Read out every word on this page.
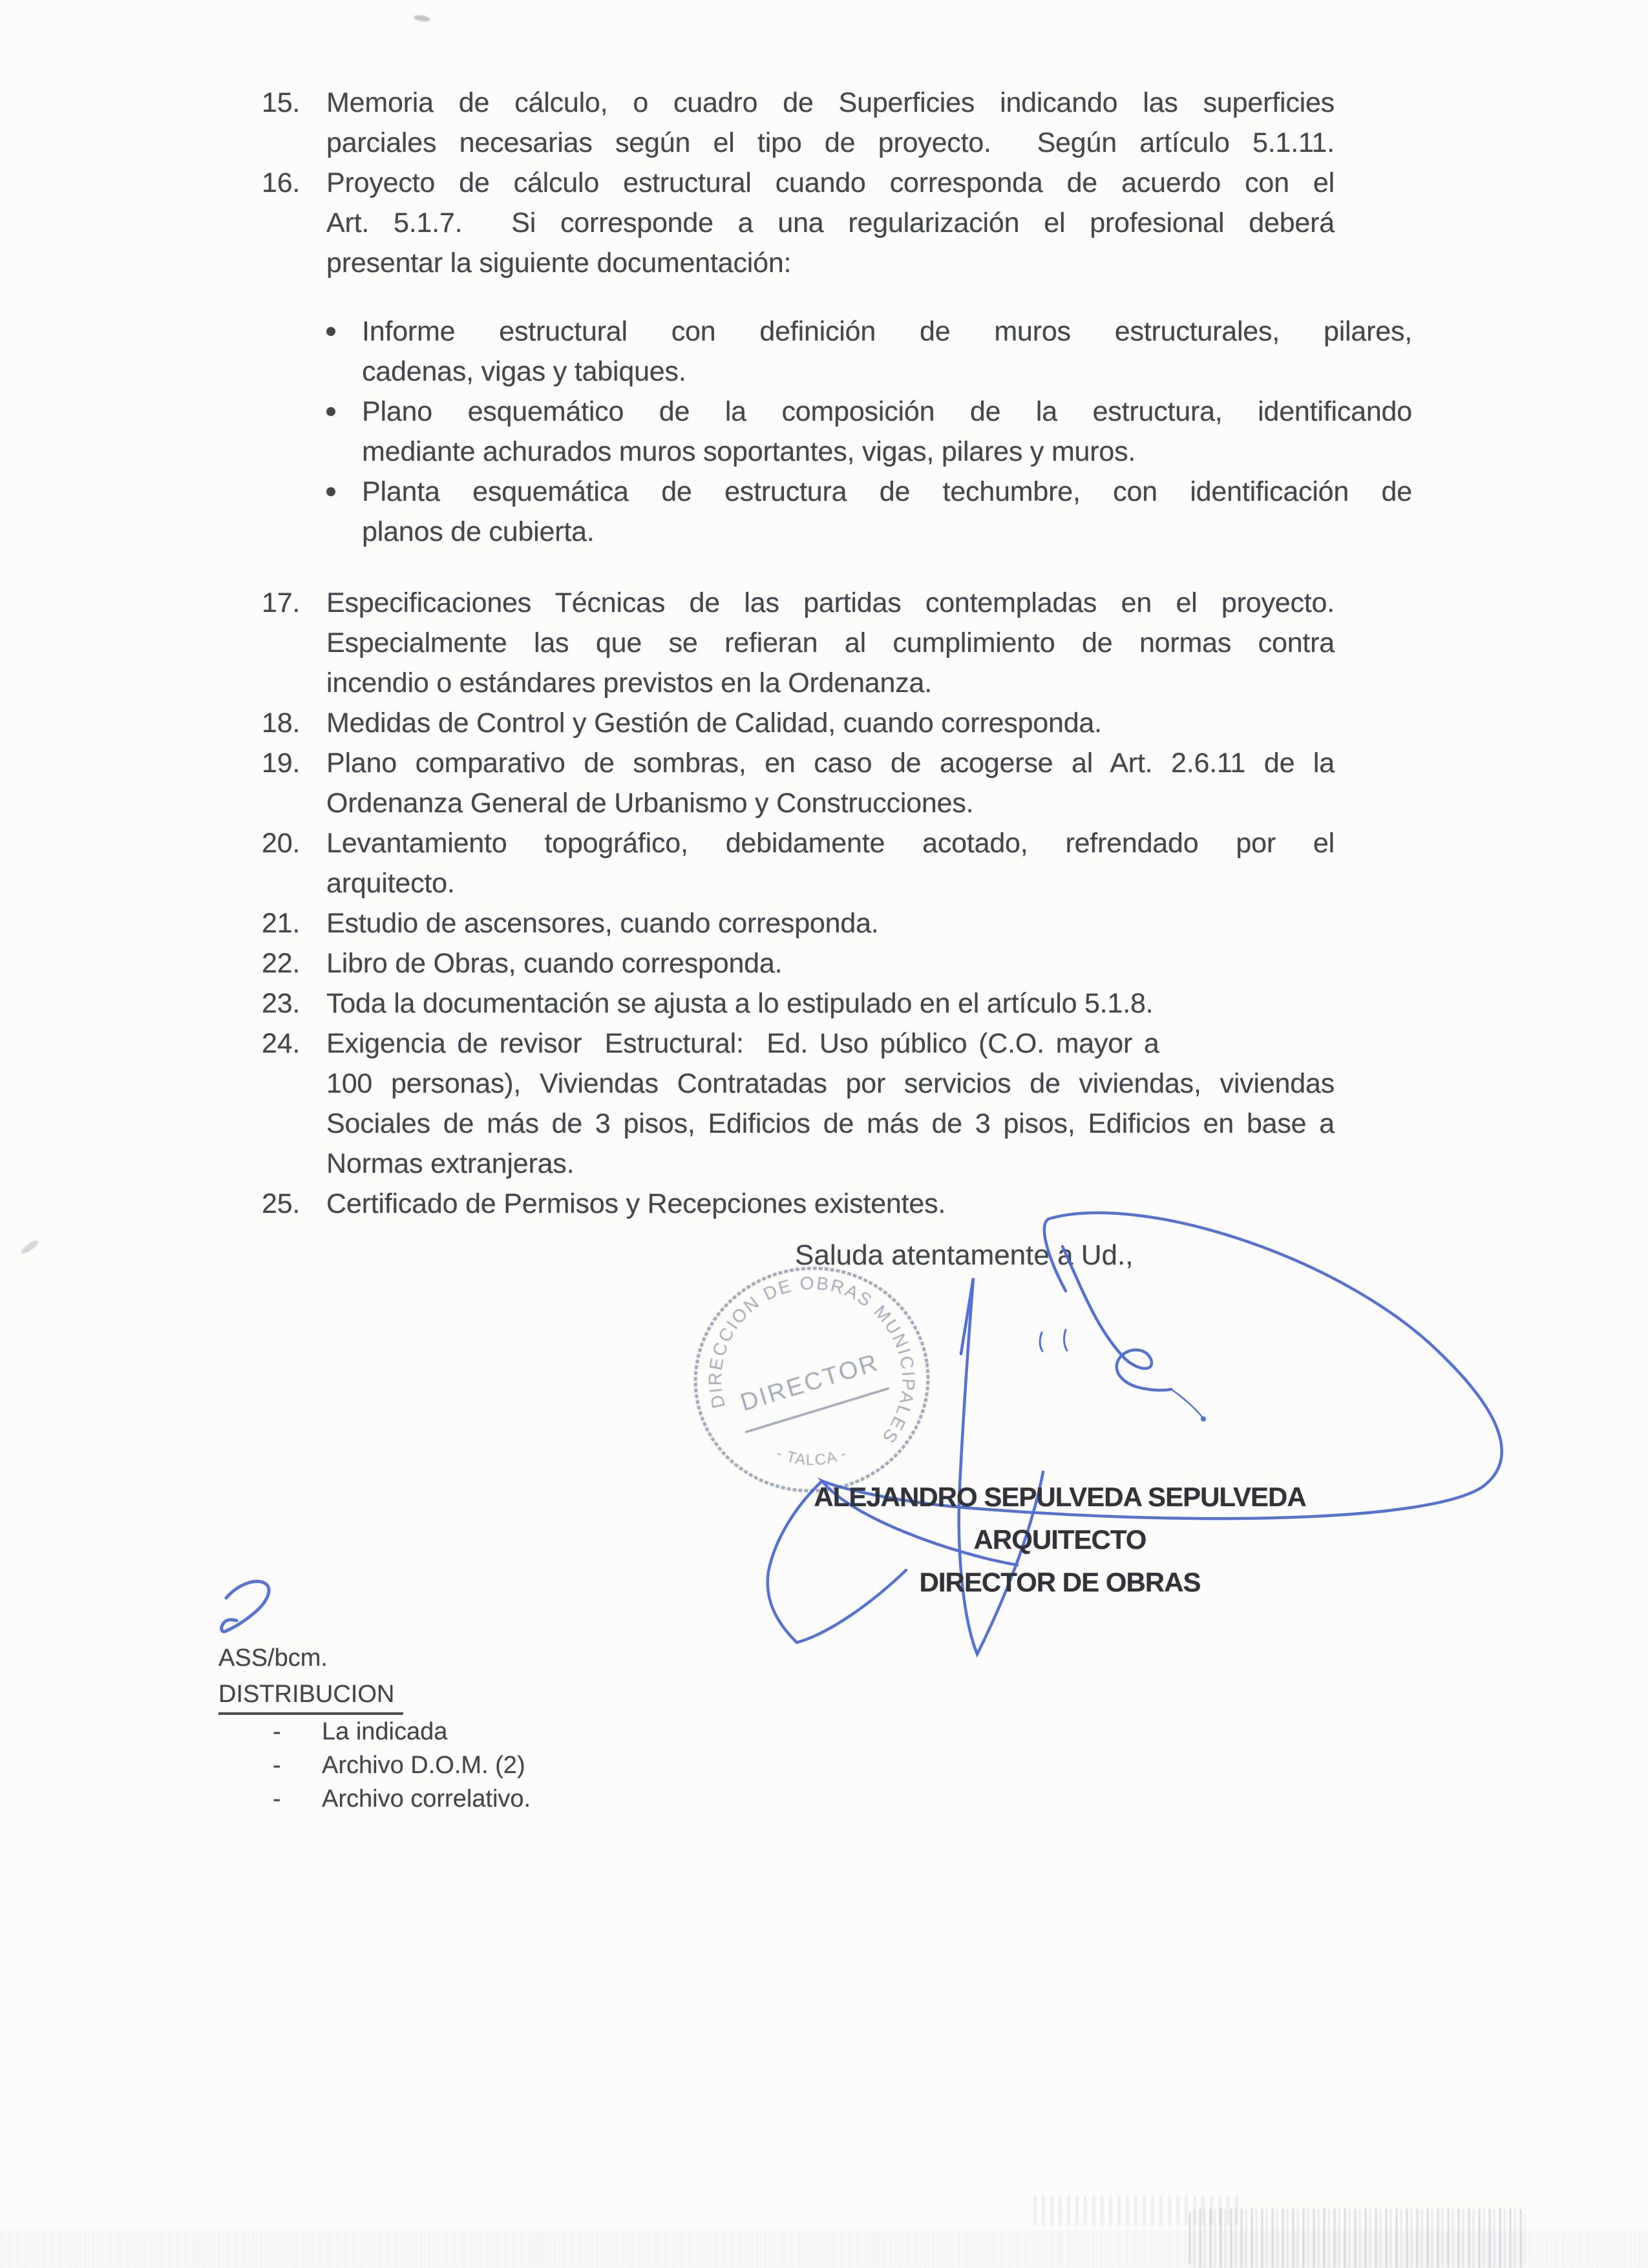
15. Memoria de cálculo, o cuadro de Superficies indicando las superficies
parciales necesarias según el tipo de proyecto.  Según artículo 5.1.11.
16. Proyecto de cálculo estructural cuando corresponda de acuerdo con el
Art. 5.1.7.  Si corresponde a una regularización el profesional deberá
presentar la siguiente documentación:
Informe estructural con definición de muros estructurales, pilares,
cadenas, vigas y tabiques.
Plano esquemático de la composición de la estructura, identificando
mediante achurados muros soportantes, vigas, pilares y muros.
Planta esquemática de estructura de techumbre, con identificación de
planos de cubierta.
17. Especificaciones Técnicas de las partidas contempladas en el proyecto.
Especialmente las que se refieran al cumplimiento de normas contra
incendio o estándares previstos en la Ordenanza.
18. Medidas de Control y Gestión de Calidad, cuando corresponda.
19. Plano comparativo de sombras, en caso de acogerse al Art. 2.6.11 de la
Ordenanza General de Urbanismo y Construcciones.
20. Levantamiento topográfico, debidamente acotado, refrendado por el
arquitecto.
21. Estudio de ascensores, cuando corresponda.
22. Libro de Obras, cuando corresponda.
23. Toda la documentación se ajusta a lo estipulado en el artículo 5.1.8.
24. Exigencia de revisor  Estructural:  Ed. Uso público (C.O. mayor a
100 personas), Viviendas Contratadas por servicios de viviendas, viviendas
Sociales de más de 3 pisos, Edificios de más de 3 pisos, Edificios en base a
Normas extranjeras.
25. Certificado de Permisos y Recepciones existentes.
Saluda atentamente a Ud.,
DIRECCION DE OBRAS MUNICIPALES
- TALCA -
DIRECTOR
ALEJANDRO SEPULVEDA SEPULVEDA
ARQUITECTO
DIRECTOR DE OBRAS
ASS/bcm.
DISTRIBUCION
-	La indicada
-	Archivo D.O.M. (2)
-	Archivo correlativo.
